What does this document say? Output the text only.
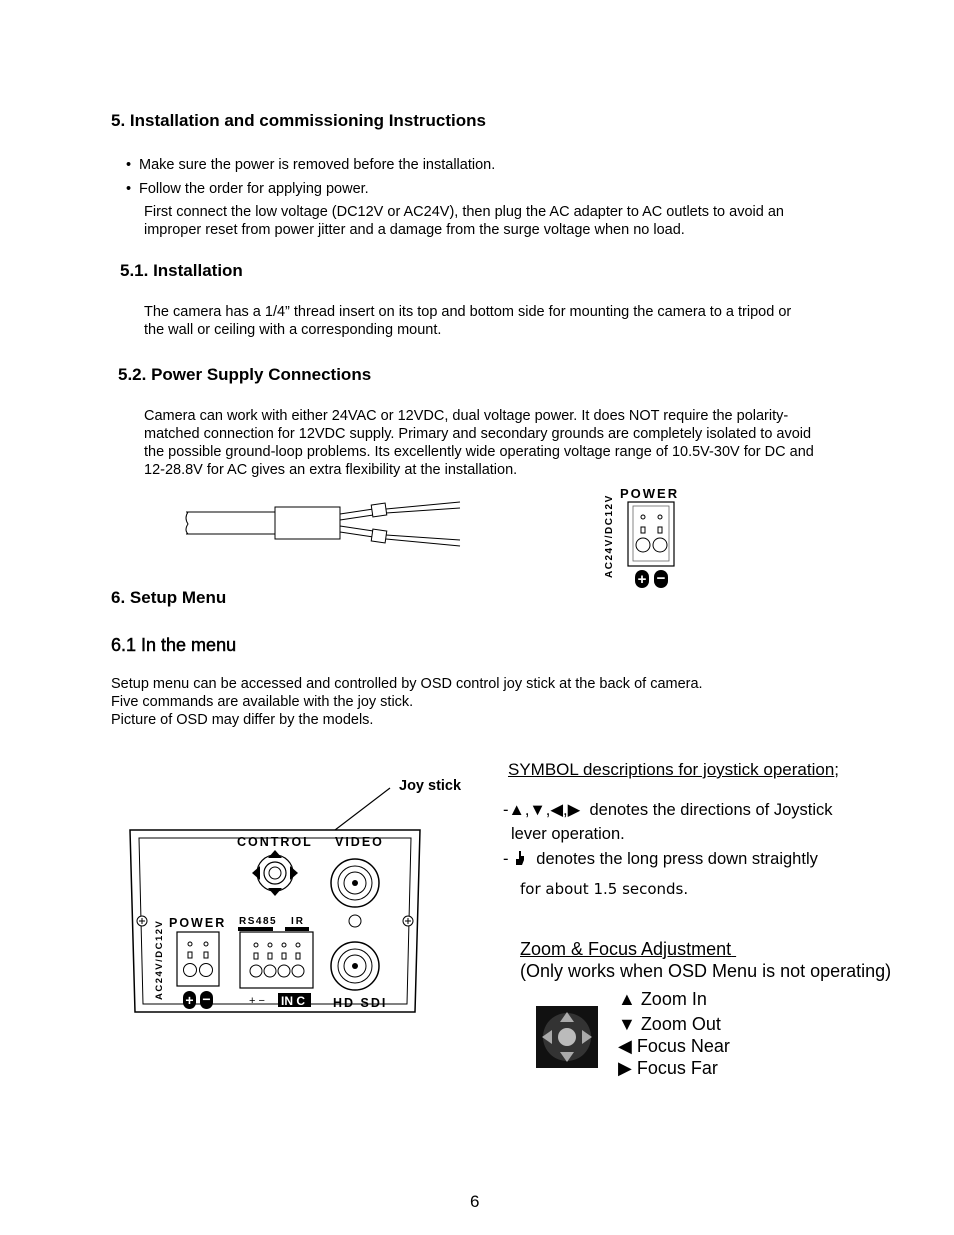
5. Installation and commissioning Instructions
• Make sure the power is removed before the installation.
• Follow the order for applying power.
First connect the low voltage (DC12V or AC24V), then plug the AC adapter to AC outlets to avoid an
improper reset from power jitter and a damage from the surge voltage when no load.
5.1. Installation
The camera has a 1/4” thread insert on its top and bottom side for mounting the camera to a tripod or
the wall or ceiling with a corresponding mount.
5.2. Power Supply Connections
Camera can work with either 24VAC or 12VDC, dual voltage power. It does NOT require the polarity-
matched connection for 12VDC supply. Primary and secondary grounds are completely isolated to avoid
the possible ground-loop problems. Its excellently wide operating voltage range of 10.5V-30V for DC and
12-28.8V for AC gives an extra flexibility at the installation.
POWER
AC24V/DC12V
+ −
6. Setup Menu
6.1 In the menu
Setup menu can be accessed and controlled by OSD control joy stick at the back of camera.
Five commands are available with the joy stick.
Picture of OSD may differ by the models.
Joy stick
CONTROL VIDEO
HD SDI
POWER
AC24V/DC12V + −
RS485 IR
+ − IN C
SYMBOL descriptions for joystick operation;
-▲,▼,◀,▶ denotes the directions of Joystick
lever operation.
- denotes the long press down straightly
for about 1.5 seconds.
Zoom & Focus Adjustment
(Only works when OSD Menu is not operating)
▲ Zoom In
▼ Zoom Out
◀ Focus Near
▶ Focus Far
6
